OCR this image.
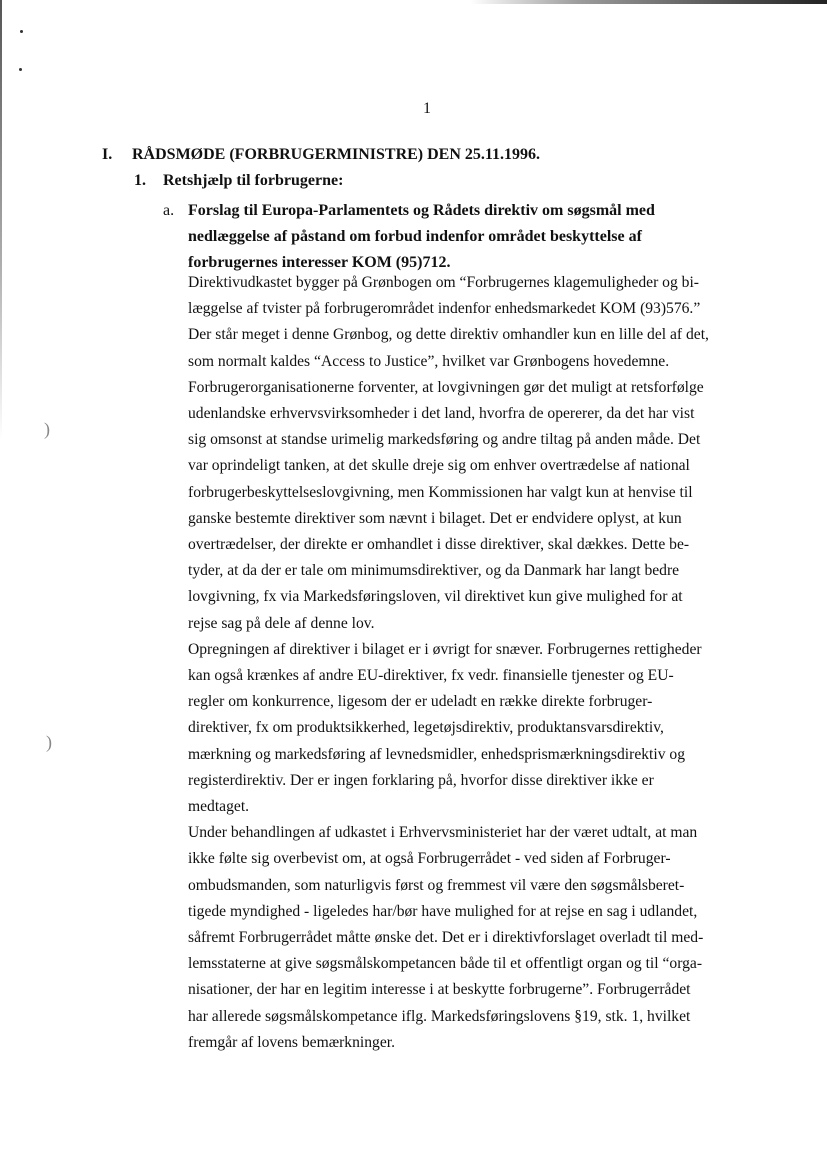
)
)
1
I. RÅDSMØDE (FORBRUGERMINISTRE) DEN 25.11.1996.
1. Retshjælp til forbrugerne:
a. Forslag til Europa-Parlamentets og Rådets direktiv om søgsmål med
nedlæggelse af påstand om forbud indenfor området beskyttelse af
forbrugernes interesser KOM (95)712.
Direktivudkastet bygger på Grønbogen om “Forbrugernes klagemuligheder og bi-
læggelse af tvister på forbrugerområdet indenfor enhedsmarkedet KOM (93)576.”
Der står meget i denne Grønbog, og dette direktiv omhandler kun en lille del af det,
som normalt kaldes “Access to Justice”, hvilket var Grønbogens hovedemne.
Forbrugerorganisationerne forventer, at lovgivningen gør det muligt at retsforfølge
udenlandske erhvervsvirksomheder i det land, hvorfra de opererer, da det har vist
sig omsonst at standse urimelig markedsføring og andre tiltag på anden måde. Det
var oprindeligt tanken, at det skulle dreje sig om enhver overtrædelse af national
forbrugerbeskyttelseslovgivning, men Kommissionen har valgt kun at henvise til
ganske bestemte direktiver som nævnt i bilaget. Det er endvidere oplyst, at kun
overtrædelser, der direkte er omhandlet i disse direktiver, skal dækkes. Dette be-
tyder, at da der er tale om minimumsdirektiver, og da Danmark har langt bedre
lovgivning, fx via Markedsføringsloven, vil direktivet kun give mulighed for at
rejse sag på dele af denne lov.
Opregningen af direktiver i bilaget er i øvrigt for snæver. Forbrugernes rettigheder
kan også krænkes af andre EU-direktiver, fx vedr. finansielle tjenester og EU-
regler om konkurrence, ligesom der er udeladt en række direkte forbruger-
direktiver, fx om produktsikkerhed, legetøjsdirektiv, produktansvarsdirektiv,
mærkning og markedsføring af levnedsmidler, enhedsprismærkningsdirektiv og
registerdirektiv. Der er ingen forklaring på, hvorfor disse direktiver ikke er
medtaget.
Under behandlingen af udkastet i Erhvervsministeriet har der været udtalt, at man
ikke følte sig overbevist om, at også Forbrugerrådet - ved siden af Forbruger-
ombudsmanden, som naturligvis først og fremmest vil være den søgsmålsberet-
tigede myndighed - ligeledes har/bør have mulighed for at rejse en sag i udlandet,
såfremt Forbrugerrådet måtte ønske det. Det er i direktivforslaget overladt til med-
lemsstaterne at give søgsmålskompetancen både til et offentligt organ og til “orga-
nisationer, der har en legitim interesse i at beskytte forbrugerne”. Forbrugerrådet
har allerede søgsmålskompetance iflg. Markedsføringslovens §19, stk. 1, hvilket
fremgår af lovens bemærkninger.
